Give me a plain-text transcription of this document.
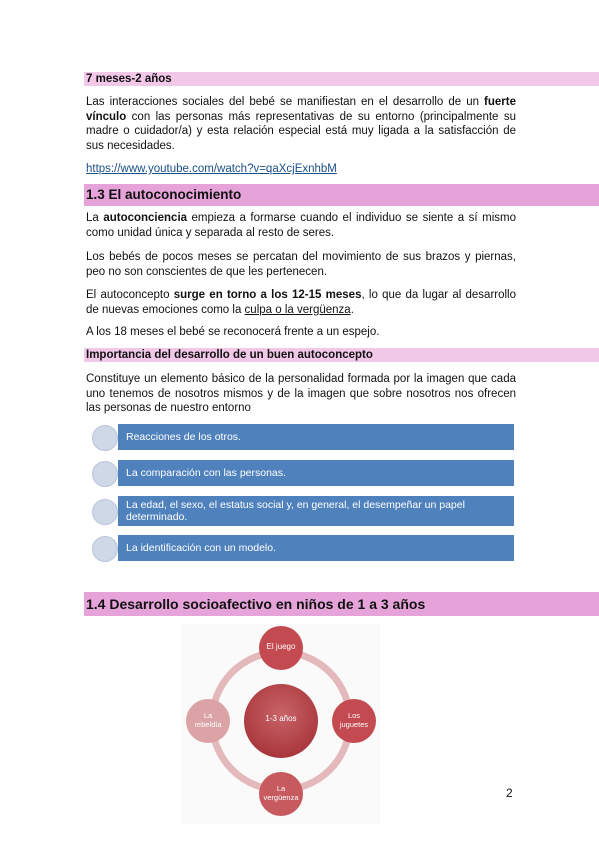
7 meses-2 años
Las interacciones sociales del bebé se manifiestan en el desarrollo de un fuerte vínculo con las personas más representativas de su entorno (principalmente su madre o cuidador/a) y esta relación especial está muy ligada a la satisfacción de sus necesidades.
https://www.youtube.com/watch?v=qaXcjExnhbM
1.3 El autoconocimiento
La autoconciencia empieza a formarse cuando el individuo se siente a sí mismo como unidad única y separada al resto de seres.
Los bebés de pocos meses se percatan del movimiento de sus brazos y piernas, peo no son conscientes de que les pertenecen.
El autoconcepto surge en torno a los 12-15 meses, lo que da lugar al desarrollo de nuevas emociones como la culpa o la vergüenza.
A los 18 meses el bebé se reconocerá frente a un espejo.
Importancia del desarrollo de un buen autoconcepto
Constituye un elemento básico de la personalidad formada por la imagen que cada uno tenemos de nosotros mismos y de la imagen que sobre nosotros nos ofrecen las personas de nuestro entorno
Reacciones de los otros.
La comparación con las personas.
La edad, el sexo, el estatus social y, en general, el desempeñar un papel determinado.
La identificación con un modelo.
1.4 Desarrollo socioafectivo en niños de 1 a 3 años
1-3 años
El juego
Los juguetes
La vergüenza
La rebeldía
2
